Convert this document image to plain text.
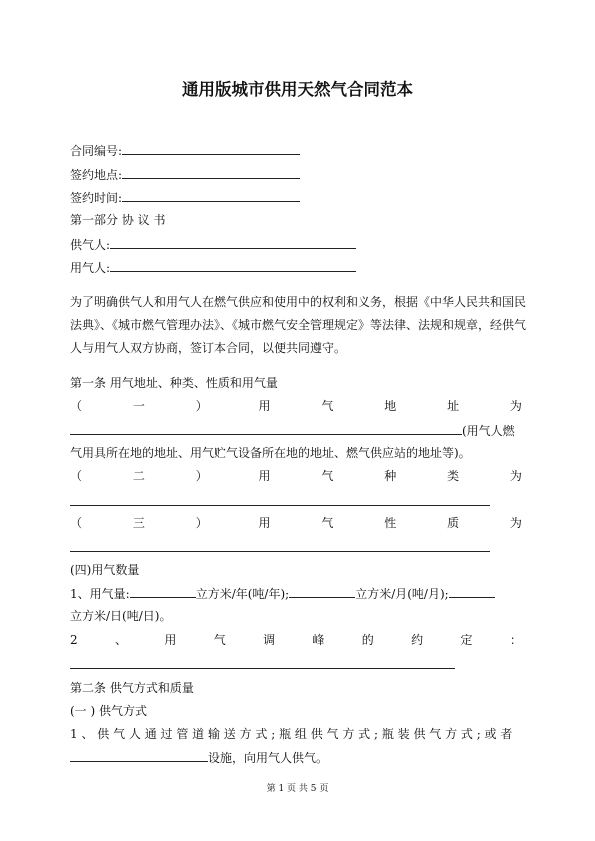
通用版城市供用天然气合同范本
合同编号:
签约地点:
签约时间:
第一部分 协 议 书
供气人:
用气人:
为了明确供气人和用气人在燃气供应和使用中的权利和义务，根据《中华人民共和国民
法典》、《城市燃气管理办法》、《城市燃气安全管理规定》等法律、法规和规章，经供气
人与用气人双方协商，签订本合同，以便共同遵守。
第一条 用气地址、种类、性质和用气量
（	一	）	用	气	地	址	为
(用气人燃
气用具所在地的地址、用气贮气设备所在地的地址、燃气供应站的地址等)。
（	二	）	用	气	种	类	为
（	三	）	用	气	性	质	为
(四)用气数量
1、用气量:	立方米/年(吨/年);	立方米/月(吨/月);
立方米/日(吨/日)。
2	、	用	气	调	峰	的	约	定	：
第二条 供气方式和质量
(一 ) 供气方式
1 、 供 气 人 通 过 管 道 输 送 方 式 ; 瓶 组 供 气 方 式 ; 瓶 装 供 气 方 式 ; 或 者
设施，向用气人供气。
第 1 页 共 5 页
